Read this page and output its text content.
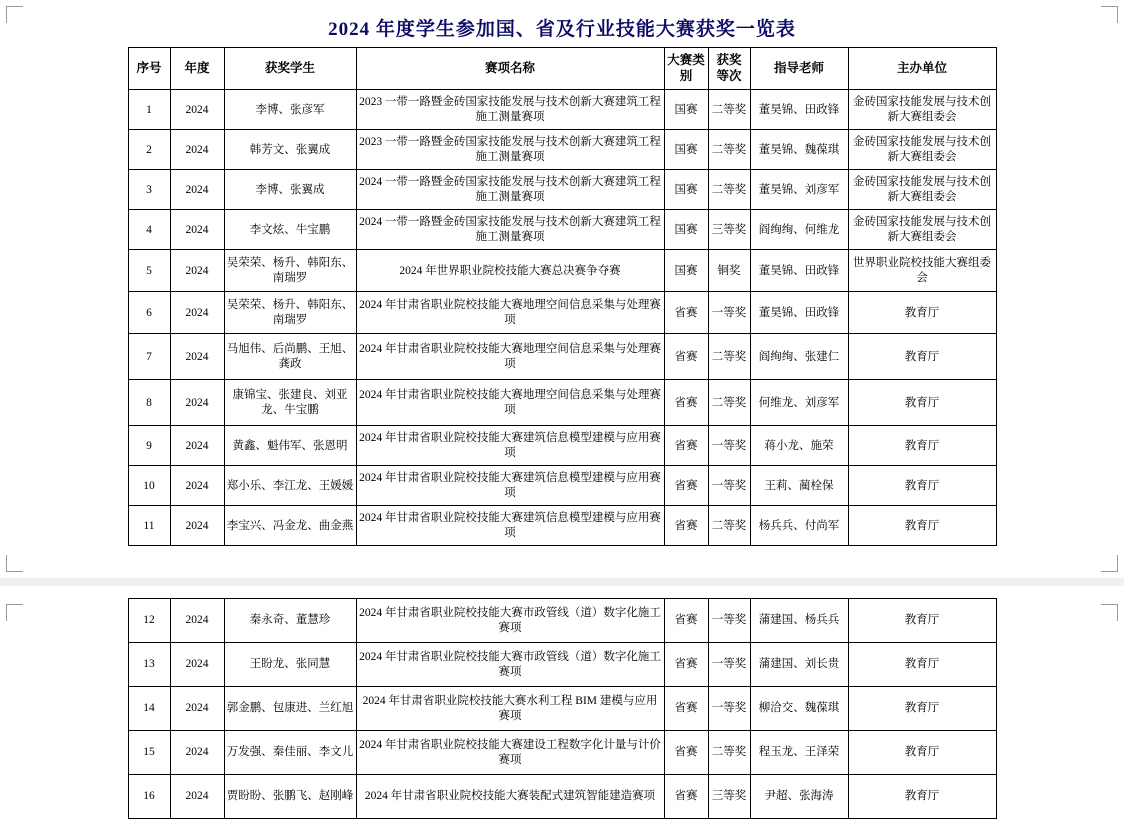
2024 年度学生参加国、省及行业技能大赛获奖一览表
序号	年度	获奖学生	赛项名称	大赛类别	获奖等次	指导老师	主办单位
1	2024	李博、张彦军	2023 一带一路暨金砖国家技能发展与技术创新大赛建筑工程施工测量赛项	国赛	二等奖	董昊锦、田政锋	金砖国家技能发展与技术创新大赛组委会
2	2024	韩芳文、张翼成	2023 一带一路暨金砖国家技能发展与技术创新大赛建筑工程施工测量赛项	国赛	二等奖	董昊锦、魏葆琪	金砖国家技能发展与技术创新大赛组委会
3	2024	李博、张翼成	2024 一带一路暨金砖国家技能发展与技术创新大赛建筑工程施工测量赛项	国赛	二等奖	董昊锦、刘彦军	金砖国家技能发展与技术创新大赛组委会
4	2024	李文炫、牛宝鹏	2024 一带一路暨金砖国家技能发展与技术创新大赛建筑工程施工测量赛项	国赛	三等奖	阎绚绚、何维龙	金砖国家技能发展与技术创新大赛组委会
5	2024	吴荣荣、杨升、韩阳东、南瑞罗	2024 年世界职业院校技能大赛总决赛争夺赛	国赛	铜奖	董昊锦、田政锋	世界职业院校技能大赛组委会
6	2024	吴荣荣、杨升、韩阳东、南瑞罗	2024 年甘肃省职业院校技能大赛地理空间信息采集与处理赛项	省赛	一等奖	董昊锦、田政锋	教育厅
7	2024	马旭伟、后尚鹏、王旭、龚政	2024 年甘肃省职业院校技能大赛地理空间信息采集与处理赛项	省赛	二等奖	阎绚绚、张建仁	教育厅
8	2024	康锦宝、张建良、刘亚龙、牛宝鹏	2024 年甘肃省职业院校技能大赛地理空间信息采集与处理赛项	省赛	二等奖	何维龙、刘彦军	教育厅
9	2024	黄鑫、魁伟军、张恩明	2024 年甘肃省职业院校技能大赛建筑信息模型建模与应用赛项	省赛	一等奖	蒋小龙、施荣	教育厅
10	2024	郑小乐、李江龙、王媛媛	2024 年甘肃省职业院校技能大赛建筑信息模型建模与应用赛项	省赛	一等奖	王莉、蔺栓保	教育厅
11	2024	李宝兴、冯金龙、曲金燕	2024 年甘肃省职业院校技能大赛建筑信息模型建模与应用赛项	省赛	二等奖	杨兵兵、付尚军	教育厅
12	2024	秦永奇、董慧珍	2024 年甘肃省职业院校技能大赛市政管线（道）数字化施工赛项	省赛	一等奖	蒲建国、杨兵兵	教育厅
13	2024	王盼龙、张同慧	2024 年甘肃省职业院校技能大赛市政管线（道）数字化施工赛项	省赛	一等奖	蒲建国、刘长贵	教育厅
14	2024	郭金鹏、包康进、兰红旭	2024 年甘肃省职业院校技能大赛水利工程 BIM 建模与应用赛项	省赛	一等奖	柳洽交、魏葆琪	教育厅
15	2024	万发强、秦佳丽、李文儿	2024 年甘肃省职业院校技能大赛建设工程数字化计量与计价赛项	省赛	二等奖	程玉龙、王泽荣	教育厅
16	2024	贾盼盼、张鹏飞、赵刚峰	2024 年甘肃省职业院校技能大赛装配式建筑智能建造赛项	省赛	三等奖	尹超、张海涛	教育厅
